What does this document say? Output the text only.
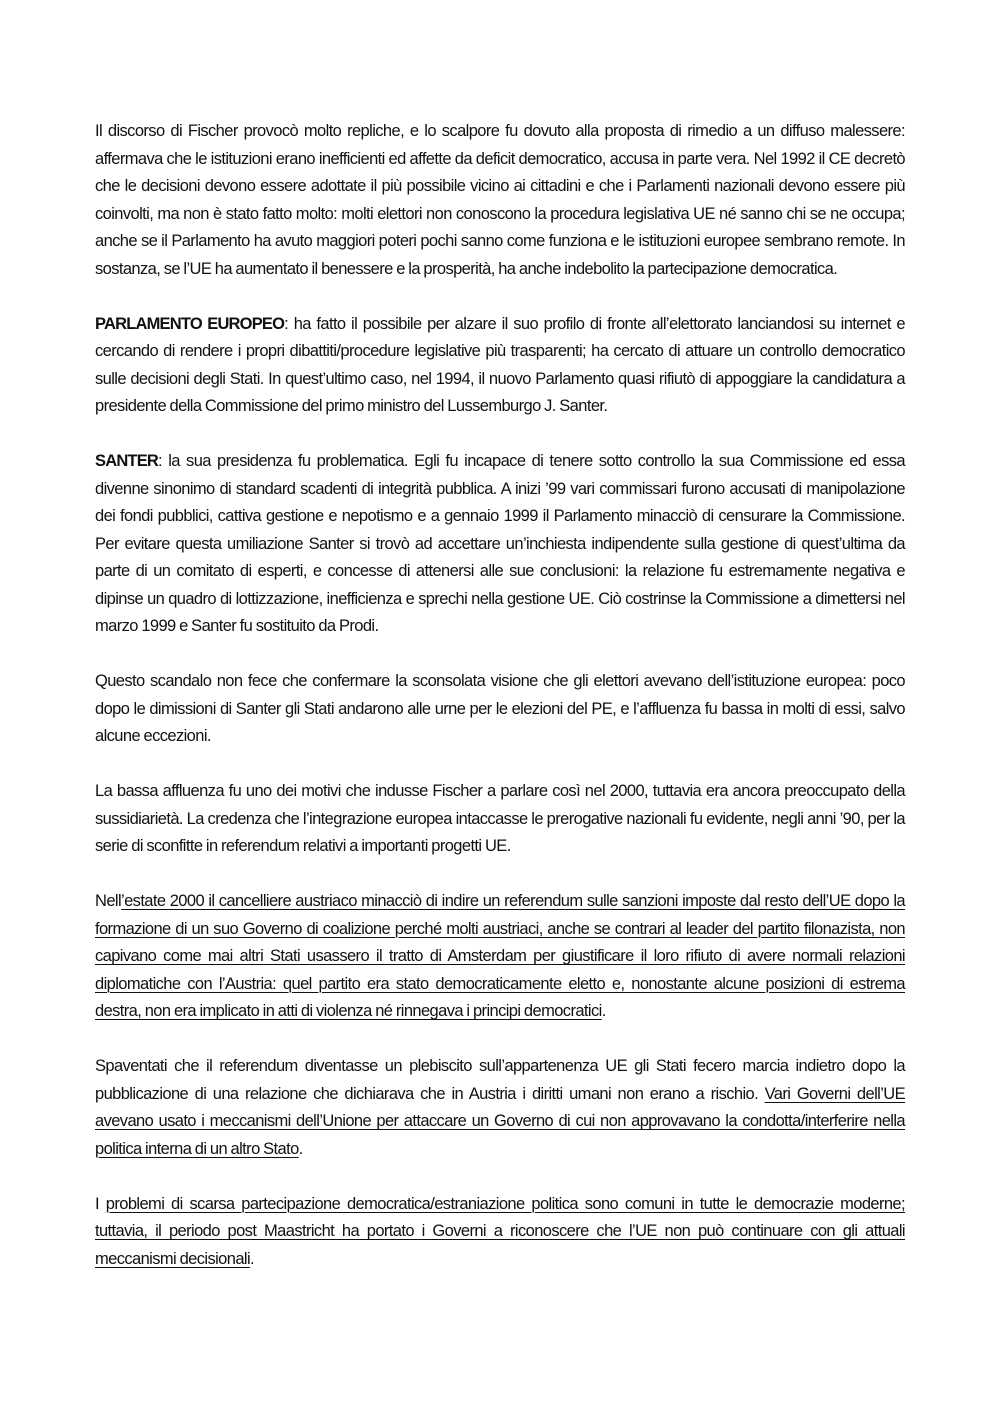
Il discorso di Fischer provocò molto repliche, e lo scalpore fu dovuto alla proposta di rimedio a un diffuso malessere: affermava che le istituzioni erano inefficienti ed affette da deficit democratico, accusa in parte vera. Nel 1992 il CE decretò che le decisioni devono essere adottate il più possibile vicino ai cittadini e che i Parlamenti nazionali devono essere più coinvolti, ma non è stato fatto molto: molti elettori non conoscono la procedura legislativa UE né sanno chi se ne occupa; anche se il Parlamento ha avuto maggiori poteri pochi sanno come funziona e le istituzioni europee sembrano remote. In sostanza, se l’UE ha aumentato il benessere e la prosperità, ha anche indebolito la partecipazione democratica.

PARLAMENTO EUROPEO: ha fatto il possibile per alzare il suo profilo di fronte all’elettorato lanciandosi su internet e cercando di rendere i propri dibattiti/procedure legislative più trasparenti; ha cercato di attuare un controllo democratico sulle decisioni degli Stati. In quest’ultimo caso, nel 1994, il nuovo Parlamento quasi rifiutò di appoggiare la candidatura a presidente della Commissione del primo ministro del Lussemburgo J. Santer.

SANTER: la sua presidenza fu problematica. Egli fu incapace di tenere sotto controllo la sua Commissione ed essa divenne sinonimo di standard scadenti di integrità pubblica. A inizi ’99 vari commissari furono accusati di manipolazione dei fondi pubblici, cattiva gestione e nepotismo e a gennaio 1999 il Parlamento minacciò di censurare la Commissione. Per evitare questa umiliazione Santer si trovò ad accettare un’inchiesta indipendente sulla gestione di quest’ultima da parte di un comitato di esperti, e concesse di attenersi alle sue conclusioni: la relazione fu estremamente negativa e dipinse un quadro di lottizzazione, inefficienza e sprechi nella gestione UE. Ciò costrinse la Commissione a dimettersi nel marzo 1999 e Santer fu sostituito da Prodi.

Questo scandalo non fece che confermare la sconsolata visione che gli elettori avevano dell’istituzione europea: poco dopo le dimissioni di Santer gli Stati andarono alle urne per le elezioni del PE, e l’affluenza fu bassa in molti di essi, salvo alcune eccezioni.

La bassa affluenza fu uno dei motivi che indusse Fischer a parlare così nel 2000, tuttavia era ancora preoccupato della sussidiarietà. La credenza che l’integrazione europea intaccasse le prerogative nazionali fu evidente, negli anni ’90, per la serie di sconfitte in referendum relativi a importanti progetti UE.

Nell’estate 2000 il cancelliere austriaco minacciò di indire un referendum sulle sanzioni imposte dal resto dell’UE dopo la formazione di un suo Governo di coalizione perché molti austriaci, anche se contrari al leader del partito filonazista, non capivano come mai altri Stati usassero il tratto di Amsterdam per giustificare il loro rifiuto di avere normali relazioni diplomatiche con l’Austria: quel partito era stato democraticamente eletto e, nonostante alcune posizioni di estrema destra, non era implicato in atti di violenza né rinnegava i principi democratici.

Spaventati che il referendum diventasse un plebiscito sull’appartenenza UE gli Stati fecero marcia indietro dopo la pubblicazione di una relazione che dichiarava che in Austria i diritti umani non erano a rischio. Vari Governi dell’UE avevano usato i meccanismi dell’Unione per attaccare un Governo di cui non approvavano la condotta/interferire nella politica interna di un altro Stato.

I problemi di scarsa partecipazione democratica/estraniazione politica sono comuni in tutte le democrazie moderne; tuttavia, il periodo post Maastricht ha portato i Governi a riconoscere che l’UE non può continuare con gli attuali meccanismi decisionali.
